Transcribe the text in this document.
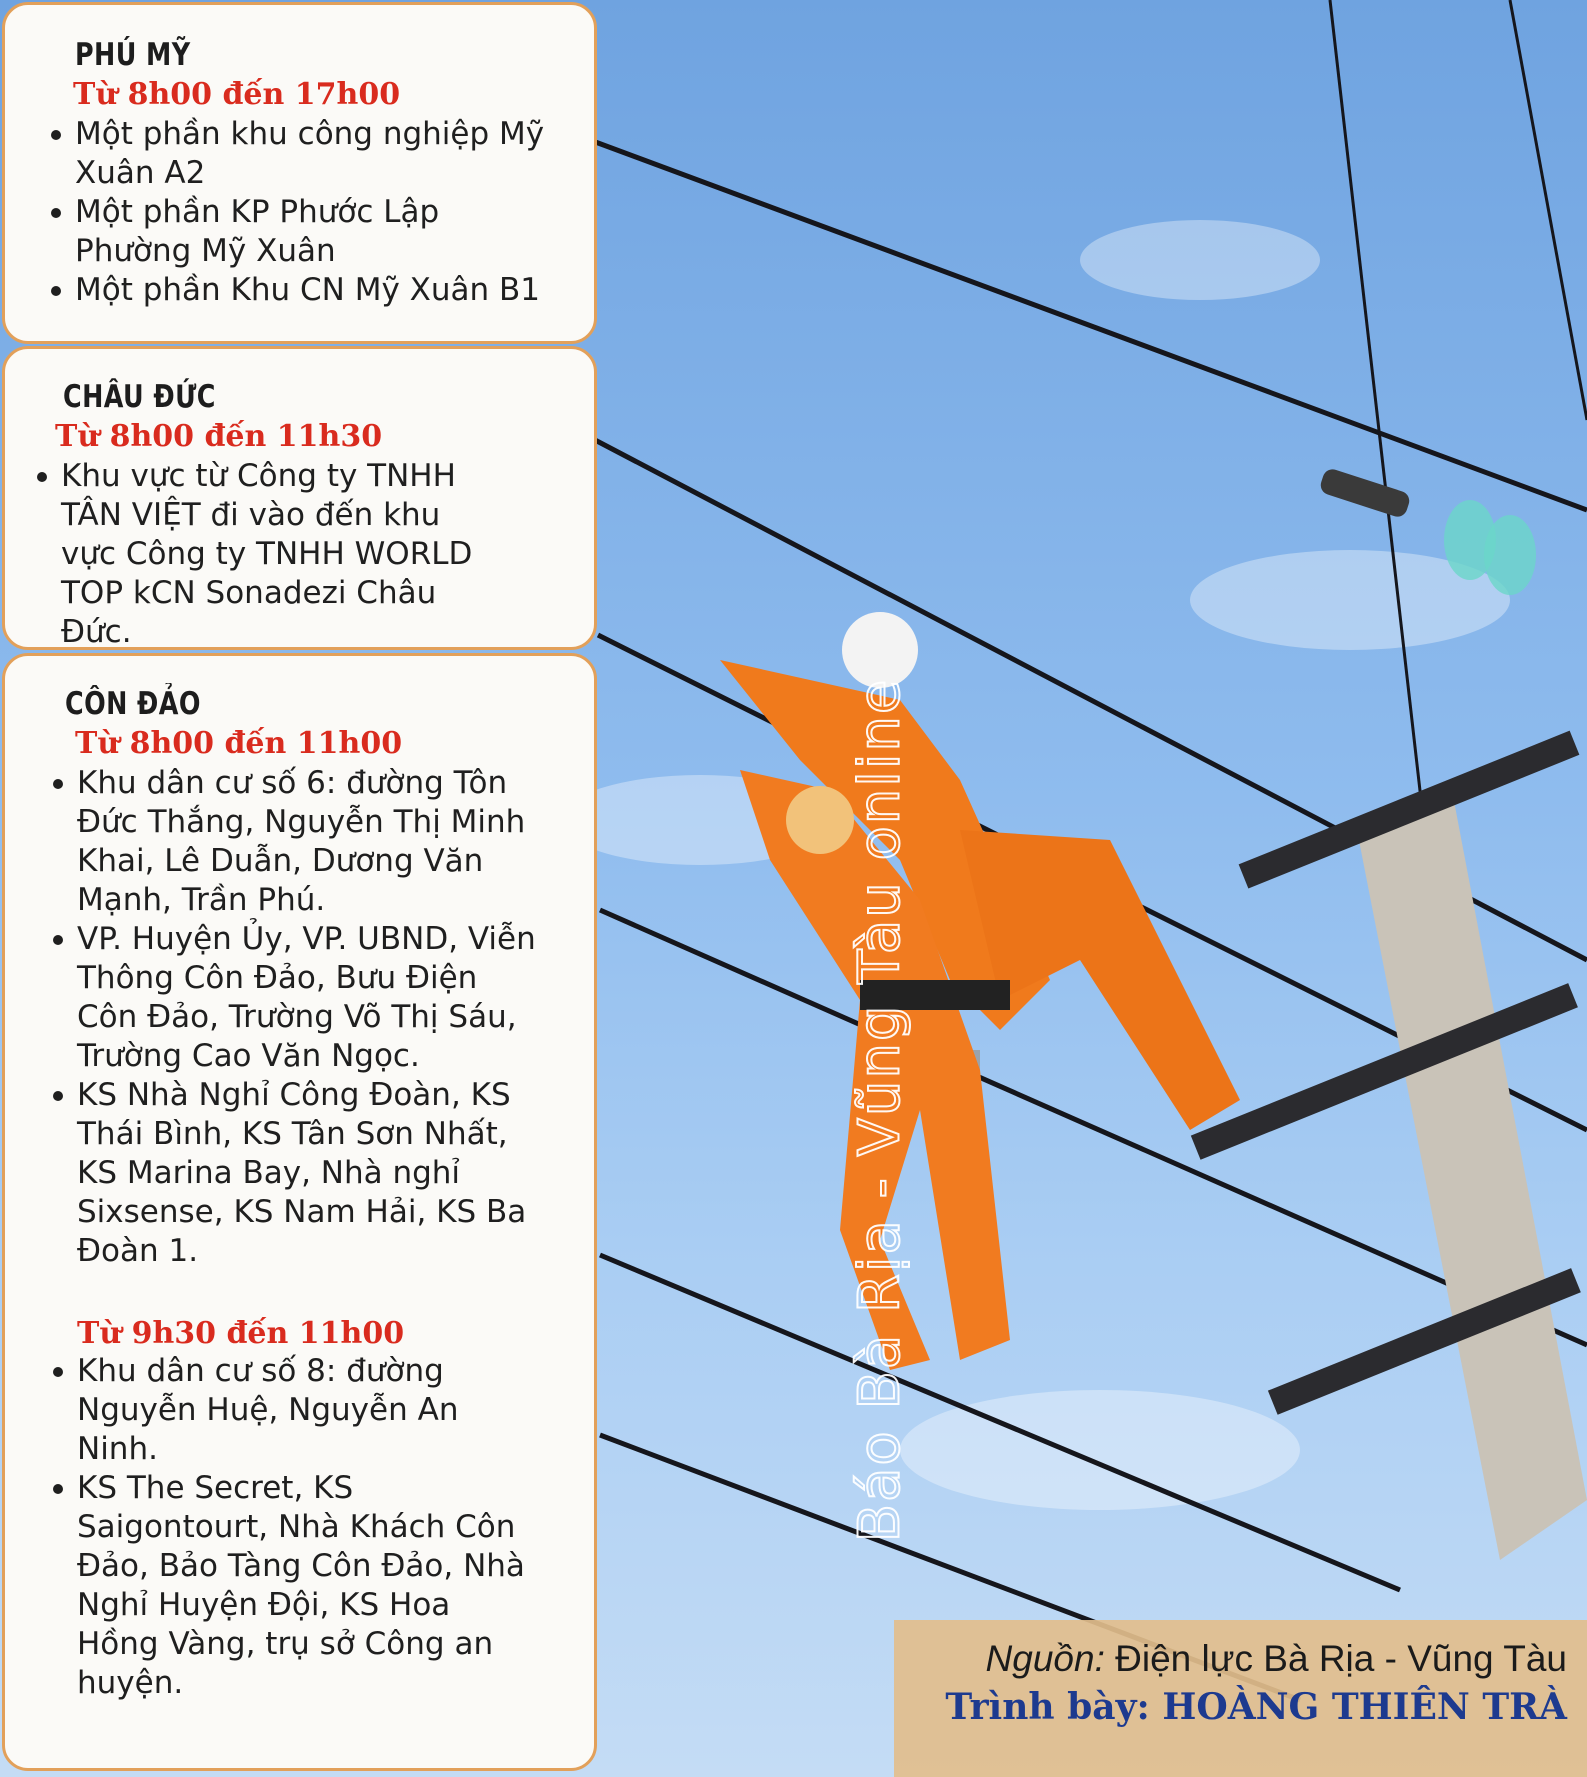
Báo Bà Rịa - Vũng Tàu online
PHÚ MỸ

Từ 8h00 đến 17h00

Một phần khu công nghiệp Mỹ Xuân A2
Một phần KP Phước Lập Phường Mỹ Xuân
Một phần Khu CN Mỹ Xuân B1
CHÂU ĐỨC

Từ 8h00 đến 11h30

Khu vực từ Công ty TNHH TÂN VIỆT đi vào đến khu vực Công ty TNHH WORLD TOP kCN Sonadezi Châu Đức.
CÔN ĐẢO

Từ 8h00 đến 11h00

Khu dân cư số 6: đường Tôn Đức Thắng, Nguyễn Thị Minh Khai, Lê Duẫn, Dương Văn Mạnh, Trần Phú.
VP. Huyện Ủy, VP. UBND, Viễn Thông Côn Đảo, Bưu Điện Côn Đảo, Trường Võ Thị Sáu, Trường Cao Văn Ngọc.
KS Nhà Nghỉ Công Đoàn, KS Thái Bình, KS Tân Sơn Nhất, KS Marina Bay, Nhà nghỉ Sixsense, KS Nam Hải, KS Ba Đoàn 1.

Từ 9h30 đến 11h00

Khu dân cư số 8: đường Nguyễn Huệ, Nguyễn An Ninh.
KS The Secret, KS Saigontourt, Nhà Khách Côn Đảo, Bảo Tàng Côn Đảo, Nhà Nghỉ Huyện Đội, KS Hoa Hồng Vàng, trụ sở Công an huyện.
Nguồn: Điện lực Bà Rịa - Vũng Tàu
Trình bày: HOÀNG THIÊN TRÀ
